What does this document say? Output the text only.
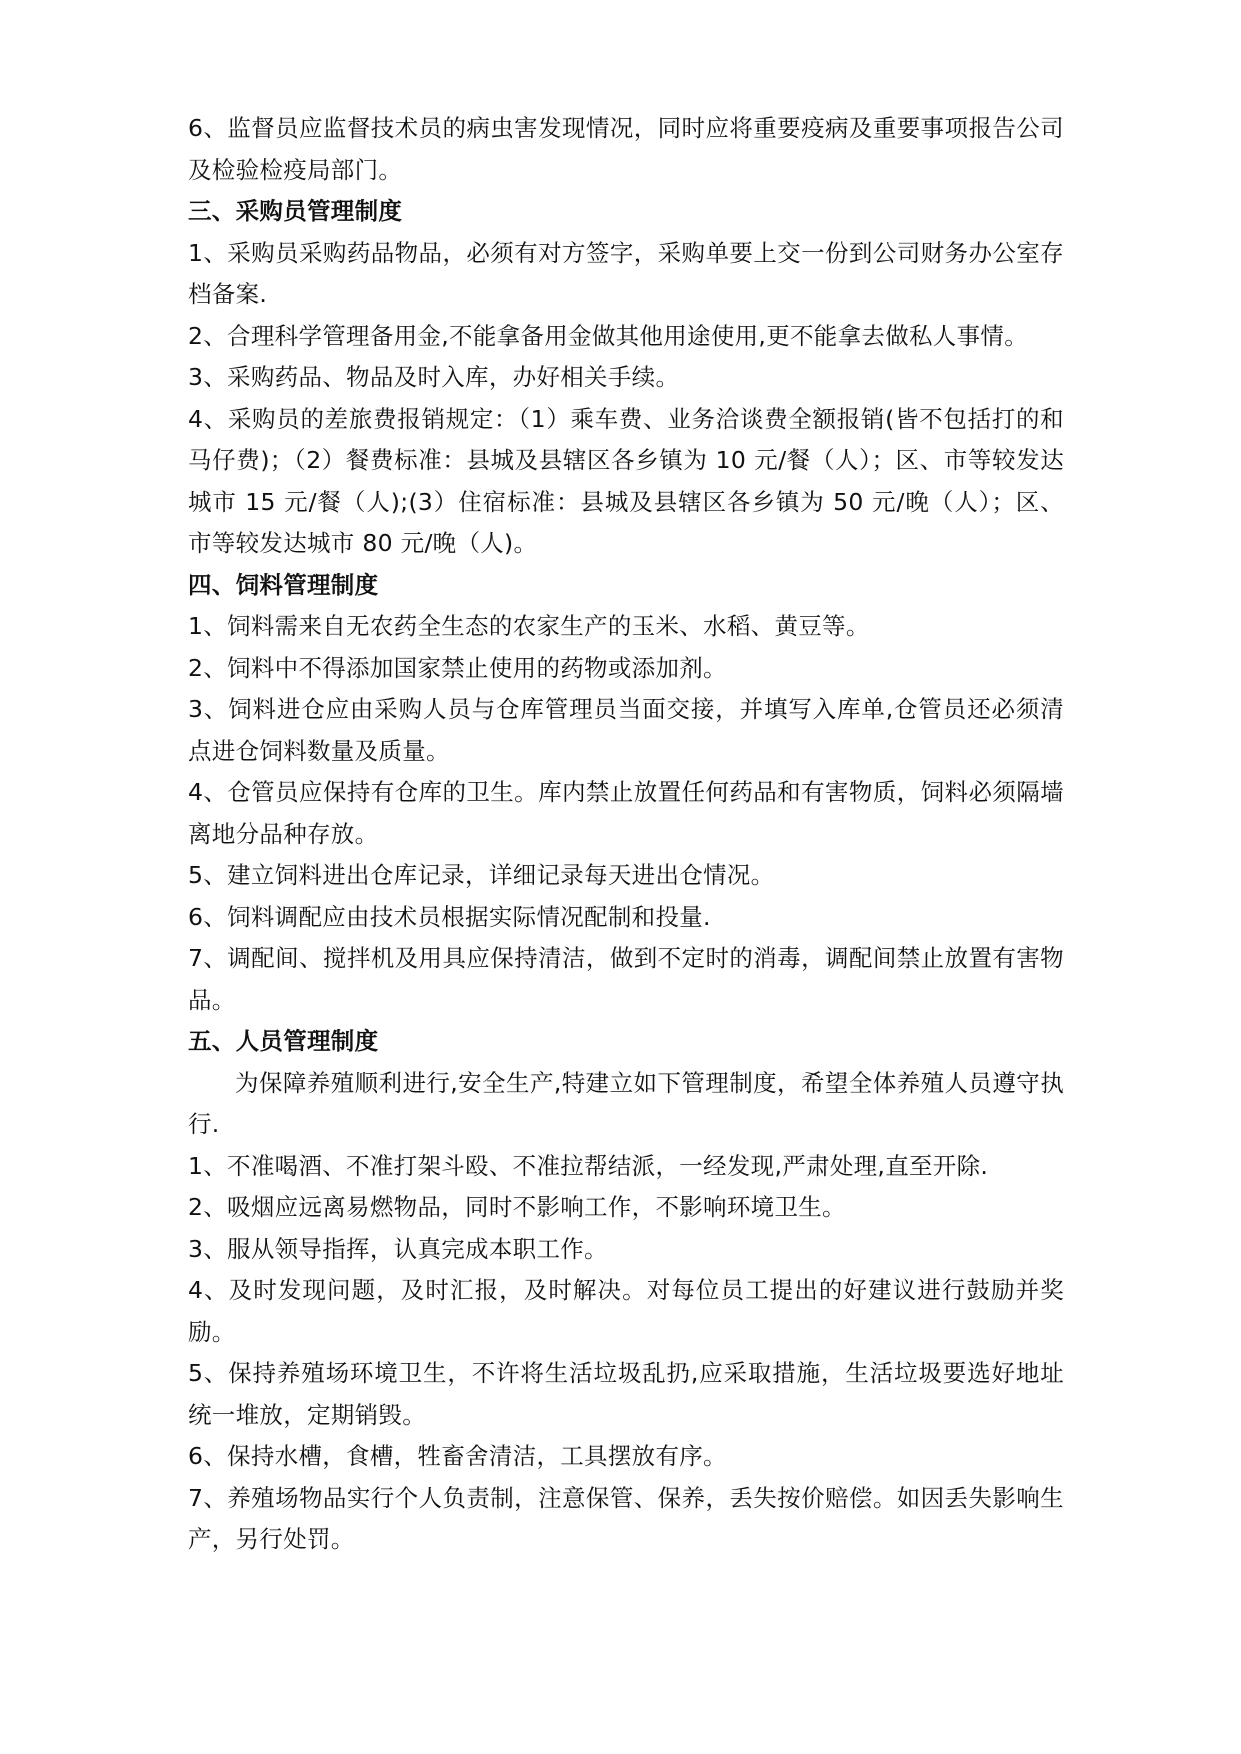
6、监督员应监督技术员的病虫害发现情况，同时应将重要疫病及重要事项报告公司及检验检疫局部门。

三、采购员管理制度

1、采购员采购药品物品，必须有对方签字，采购单要上交一份到公司财务办公室存档备案.

2、合理科学管理备用金,不能拿备用金做其他用途使用,更不能拿去做私人事情。

3、采购药品、物品及时入库，办好相关手续。

4、采购员的差旅费报销规定：（1）乘车费、业务洽谈费全额报销(皆不包括打的和马仔费)；（2）餐费标准：县城及县辖区各乡镇为 10 元/餐（人）；区、市等较发达城市 15 元/餐（人);(3）住宿标准：县城及县辖区各乡镇为 50 元/晚（人）；区、市等较发达城市 80 元/晚（人)。

四、饲料管理制度

1、饲料需来自无农药全生态的农家生产的玉米、水稻、黄豆等。

2、饲料中不得添加国家禁止使用的药物或添加剂。

3、饲料进仓应由采购人员与仓库管理员当面交接，并填写入库单,仓管员还必须清点进仓饲料数量及质量。

4、仓管员应保持有仓库的卫生。库内禁止放置任何药品和有害物质，饲料必须隔墙离地分品种存放。

5、建立饲料进出仓库记录，详细记录每天进出仓情况。

6、饲料调配应由技术员根据实际情况配制和投量.

7、调配间、搅拌机及用具应保持清洁，做到不定时的消毒，调配间禁止放置有害物品。

五、人员管理制度

为保障养殖顺利进行,安全生产,特建立如下管理制度，希望全体养殖人员遵守执行.

1、不准喝酒、不准打架斗殴、不准拉帮结派，一经发现,严肃处理,直至开除.

2、吸烟应远离易燃物品，同时不影响工作，不影响环境卫生。

3、服从领导指挥，认真完成本职工作。

4、及时发现问题，及时汇报，及时解决。对每位员工提出的好建议进行鼓励并奖励。

5、保持养殖场环境卫生，不许将生活垃圾乱扔,应采取措施，生活垃圾要选好地址统一堆放，定期销毁。

6、保持水槽，食槽，牲畜舍清洁，工具摆放有序。

7、养殖场物品实行个人负责制，注意保管、保养，丢失按价赔偿。如因丢失影响生产，另行处罚。
